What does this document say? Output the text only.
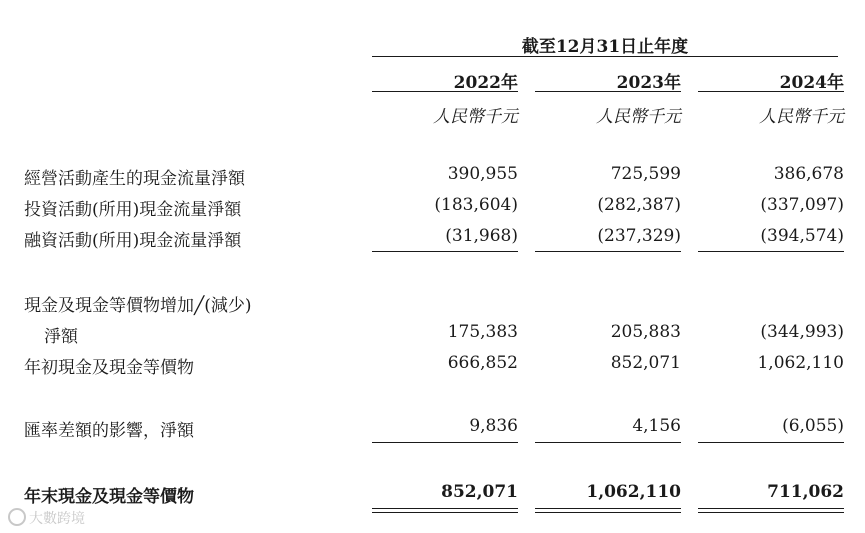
截至12月31日止年度
2022年	2023年	2024年
人民幣千元	人民幣千元	人民幣千元
經營活動產生的現金流量淨額	390,955	725,599	386,678
投資活動(所用)現金流量淨額	(183,604)	(282,387)	(337,097)
融資活動(所用)現金流量淨額	(31,968)	(237,329)	(394,574)
現金及現金等價物增加╱(減少)
淨額	175,383	205,883	(344,993)
年初現金及現金等價物	666,852	852,071	1,062,110
匯率差額的影響，淨額	9,836	4,156	(6,055)
年末現金及現金等價物	852,071	1,062,110	711,062
大數跨境
